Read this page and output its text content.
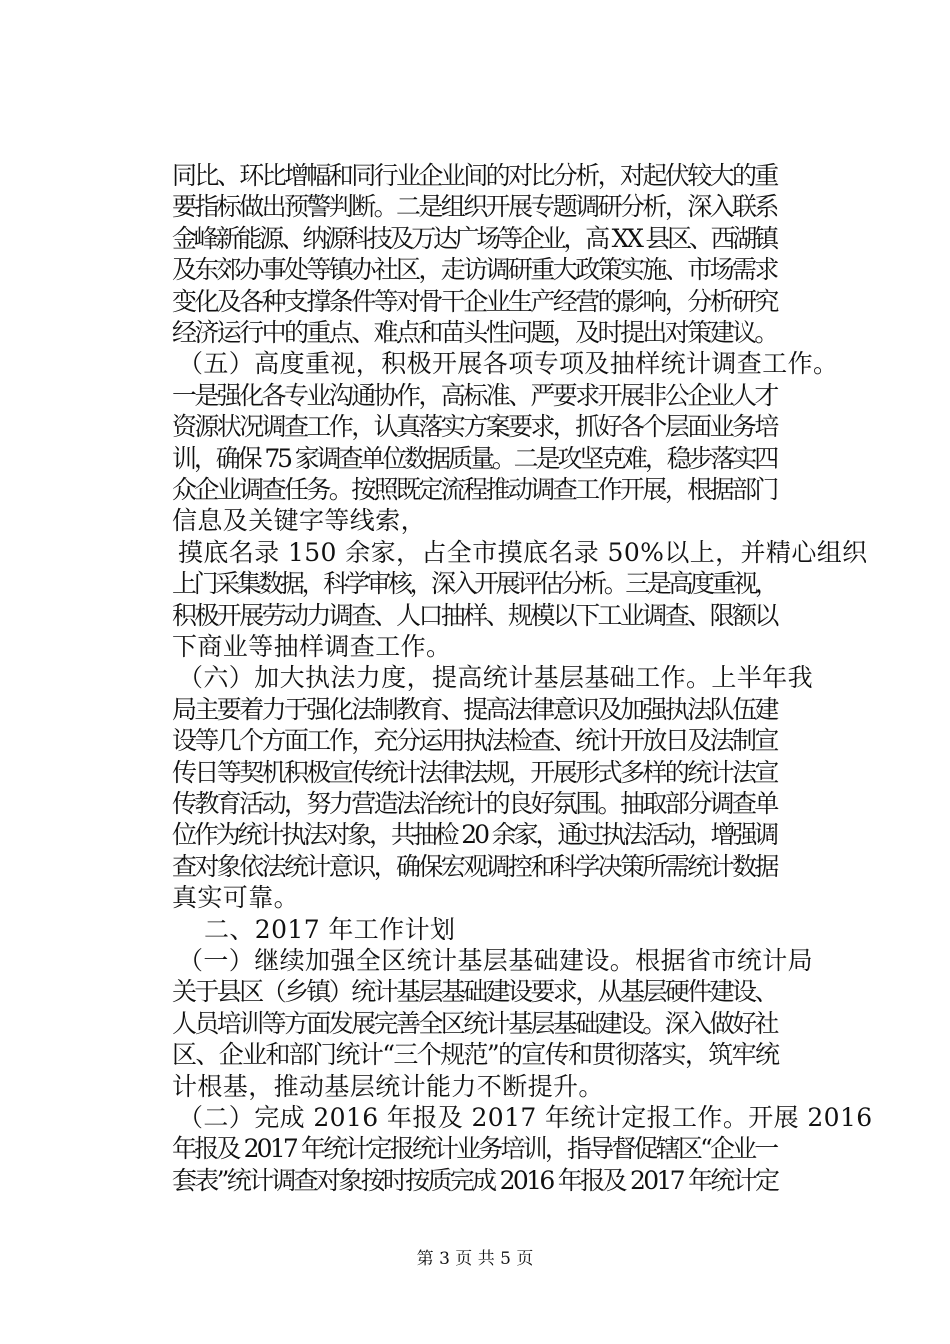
同比、环比增幅和同行业企业间的对比分析，对起伏较大的重
要指标做出预警判断。二是组织开展专题调研分析，深入联系
金峰新能源、纳源科技及万达广场等企业，高 XX 县区、西湖镇
及东郊办事处等镇办社区，走访调研重大政策实施、市场需求
变化及各种支撑条件等对骨干企业生产经营的影响，分析研究
经济运行中的重点、难点和苗头性问题，及时提出对策建议。
（五）高度重视，积极开展各项专项及抽样统计调查工作。
一是强化各专业沟通协作，高标准、严要求开展非公企业人才
资源状况调查工作，认真落实方案要求，抓好各个层面业务培
训，确保 75 家调查单位数据质量。二是攻坚克难，稳步落实四
众企业调查任务。按照既定流程推动调查工作开展，根据部门
信息及关键字等线索，
摸底名录 150 余家，占全市摸底名录 50%以上，并精心组织
上门采集数据，科学审核，深入开展评估分析。三是高度重视，
积极开展劳动力调查、人口抽样、规模以下工业调查、限额以
下商业等抽样调查工作。
（六）加大执法力度，提高统计基层基础工作。上半年我
局主要着力于强化法制教育、提高法律意识及加强执法队伍建
设等几个方面工作，充分运用执法检查、统计开放日及法制宣
传日等契机积极宣传统计法律法规，开展形式多样的统计法宣
传教育活动，努力营造法治统计的良好氛围。抽取部分调查单
位作为统计执法对象，共抽检 20 余家，通过执法活动，增强调
查对象依法统计意识，确保宏观调控和科学决策所需统计数据
真实可靠。
二、2017 年工作计划
（一）继续加强全区统计基层基础建设。根据省市统计局
关于县区（乡镇）统计基层基础建设要求，从基层硬件建设、
人员培训等方面发展完善全区统计基层基础建设。深入做好社
区、企业和部门统计“三个规范”的宣传和贯彻落实，筑牢统
计根基，推动基层统计能力不断提升。
（二）完成 2016 年报及 2017 年统计定报工作。开展 2016
年报及 2017 年统计定报统计业务培训，指导督促辖区“企业一
套表”统计调查对象按时按质完成 2016 年报及 2017 年统计定
第 3 页 共 5 页
